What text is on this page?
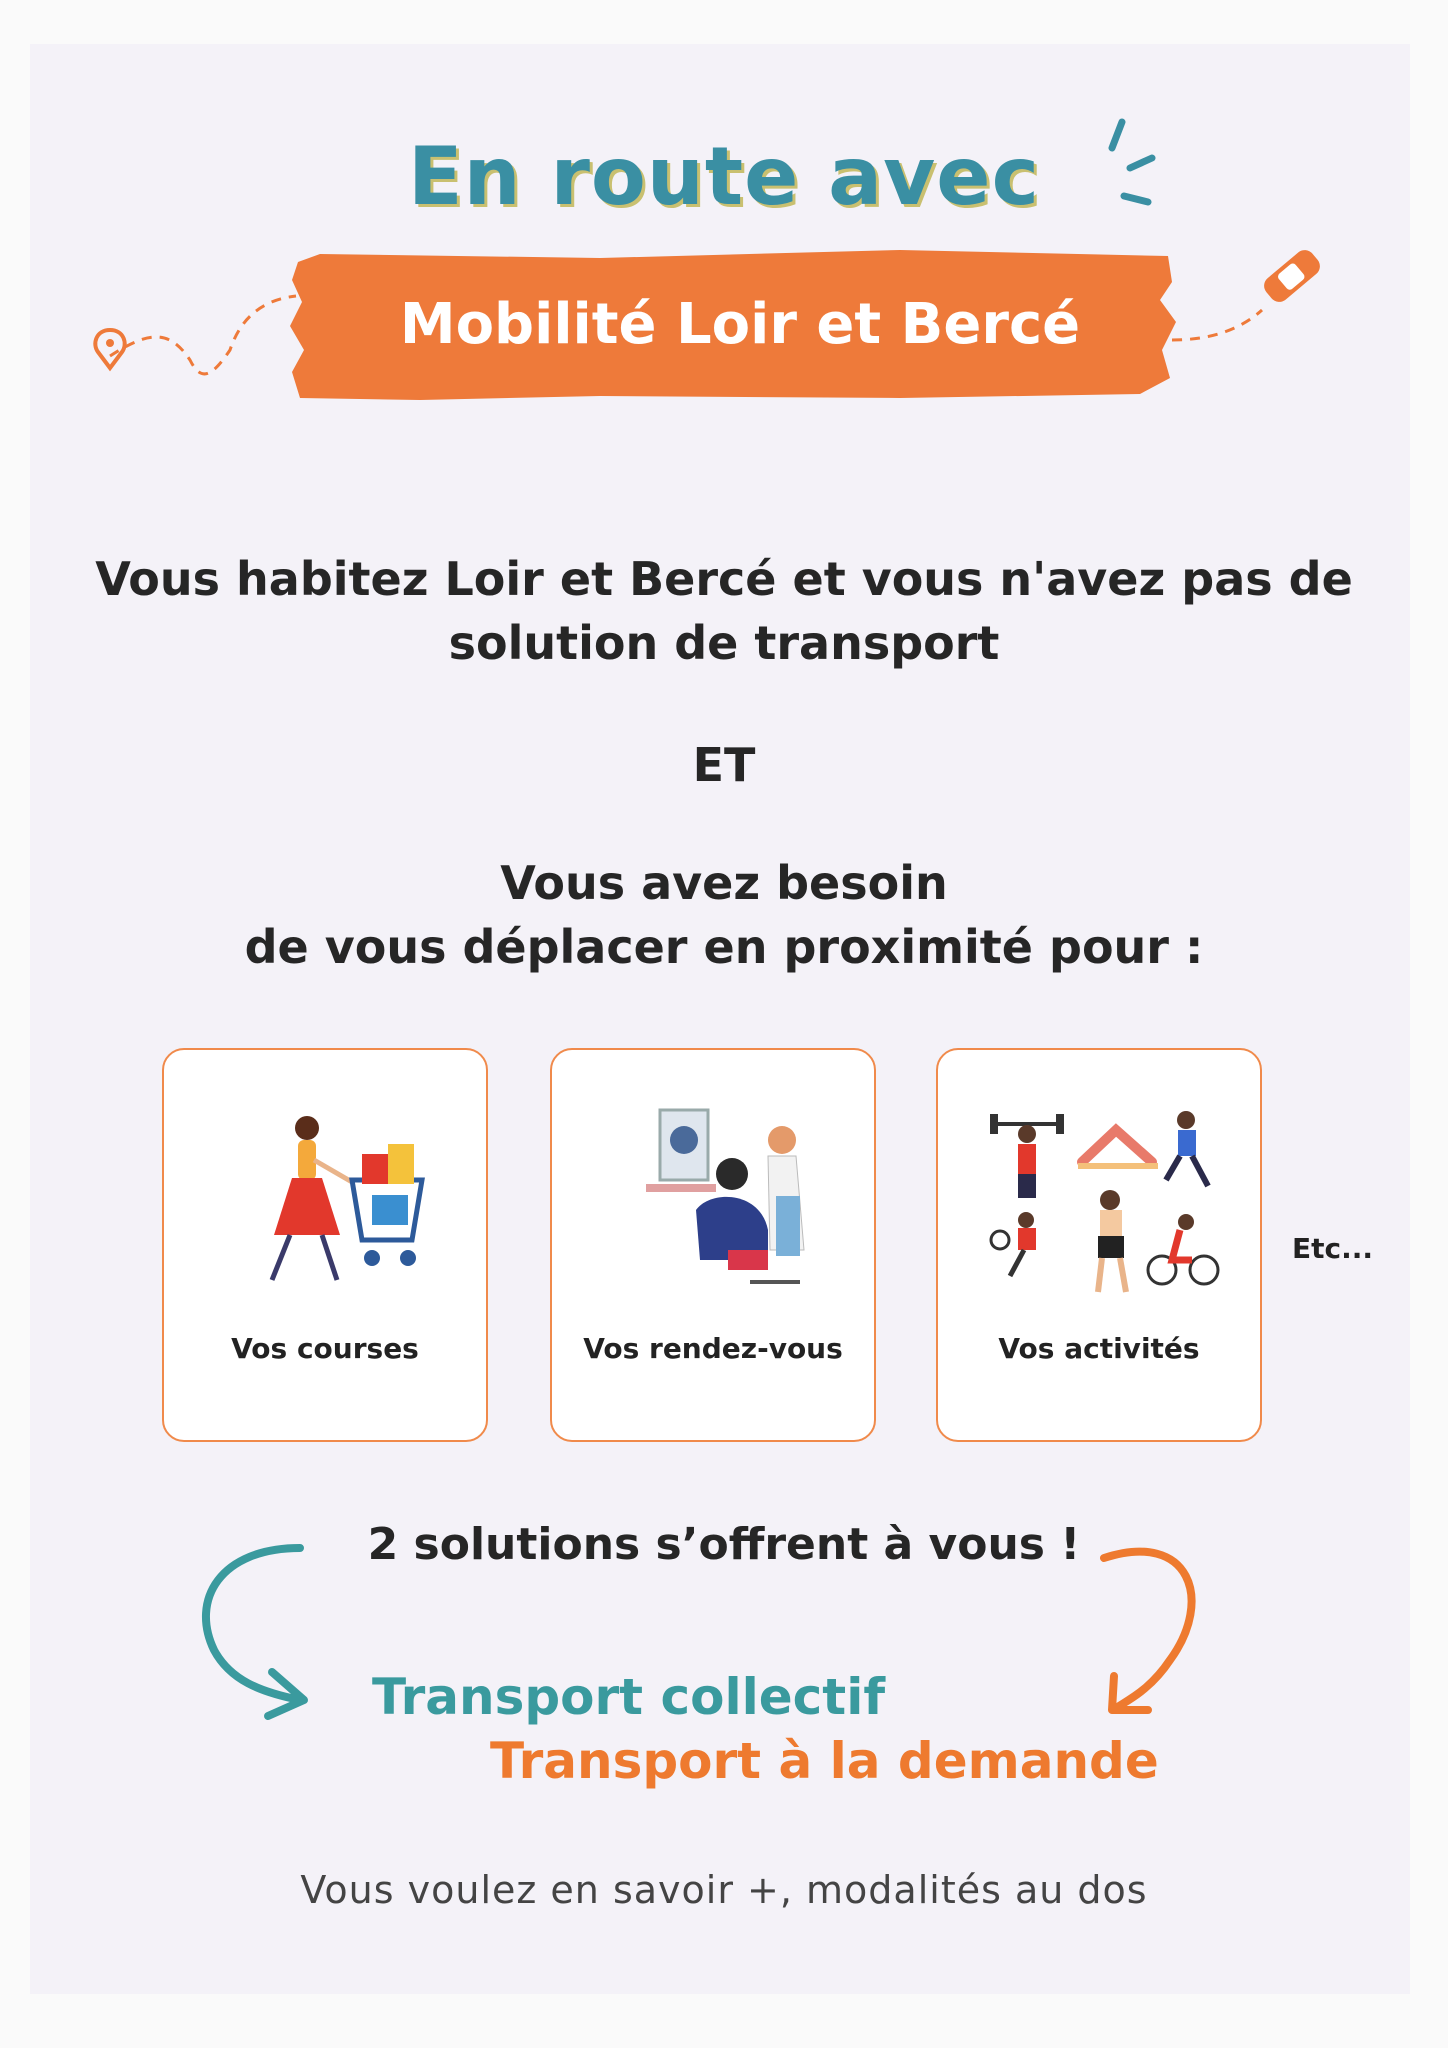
En route avec
Mobilité Loir et Bercé
Vous habitez Loir et Bercé et vous n'avez pas de
solution de transport
ET
Vous avez besoin
de vous déplacer en proximité pour :
Vos courses	Vos rendez-vous	Vos activités
Etc...
2 solutions s’offrent à vous !
Transport collectif
Transport à la demande
Vous voulez en savoir +, modalités au dos
